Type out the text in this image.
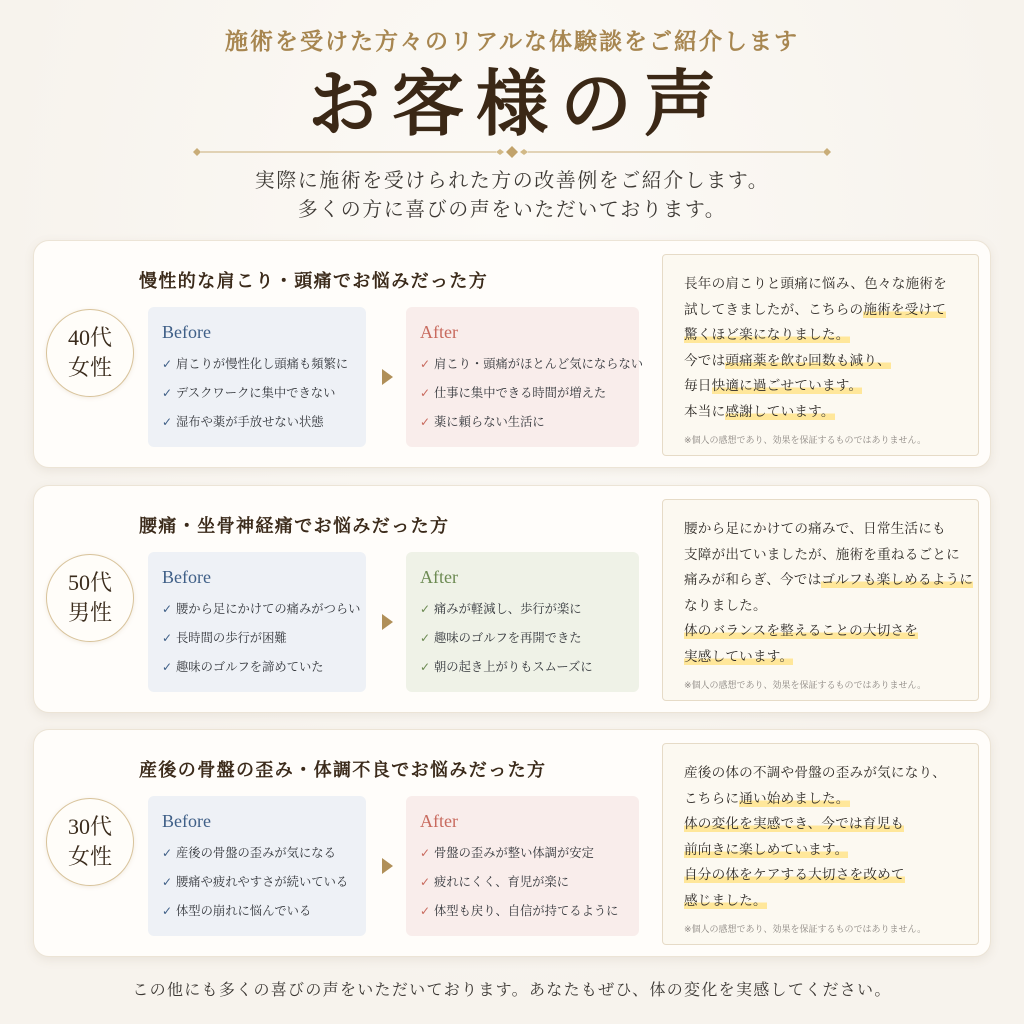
施術を受けた方々のリアルな体験談をご紹介します
お客様の声

実際に施術を受けられた方の改善例をご紹介します。

多くの方に喜びの声をいただいております。

慢性的な肩こり・頭痛でお悩みだった方
40代
女性
Before
✓肩こりが慢性化し頭痛も頻繁に
✓デスクワークに集中できない
✓湿布や薬が手放せない状態
After
✓肩こり・頭痛がほとんど気にならない
✓仕事に集中できる時間が増えた
✓薬に頼らない生活に

長年の肩こりと頭痛に悩み、色々な施術を

試してきましたが、こちらの施術を受けて

驚くほど楽になりました。

今では頭痛薬を飲む回数も減り、

毎日快適に過ごせています。

本当に感謝しています。

※個人の感想であり、効果を保証するものではありません。

腰痛・坐骨神経痛でお悩みだった方
50代
男性
Before
✓腰から足にかけての痛みがつらい
✓長時間の歩行が困難
✓趣味のゴルフを諦めていた
After
✓痛みが軽減し、歩行が楽に
✓趣味のゴルフを再開できた
✓朝の起き上がりもスムーズに

腰から足にかけての痛みで、日常生活にも

支障が出ていましたが、施術を重ねるごとに

痛みが和らぎ、今ではゴルフも楽しめるように

なりました。

体のバランスを整えることの大切さを

実感しています。

※個人の感想であり、効果を保証するものではありません。

産後の骨盤の歪み・体調不良でお悩みだった方
30代
女性
Before
✓産後の骨盤の歪みが気になる
✓腰痛や疲れやすさが続いている
✓体型の崩れに悩んでいる
After
✓骨盤の歪みが整い体調が安定
✓疲れにくく、育児が楽に
✓体型も戻り、自信が持てるように

産後の体の不調や骨盤の歪みが気になり、

こちらに通い始めました。

体の変化を実感でき、今では育児も

前向きに楽しめています。

自分の体をケアする大切さを改めて

感じました。

※個人の感想であり、効果を保証するものではありません。

この他にも多くの喜びの声をいただいております。あなたもぜひ、体の変化を実感してください。
